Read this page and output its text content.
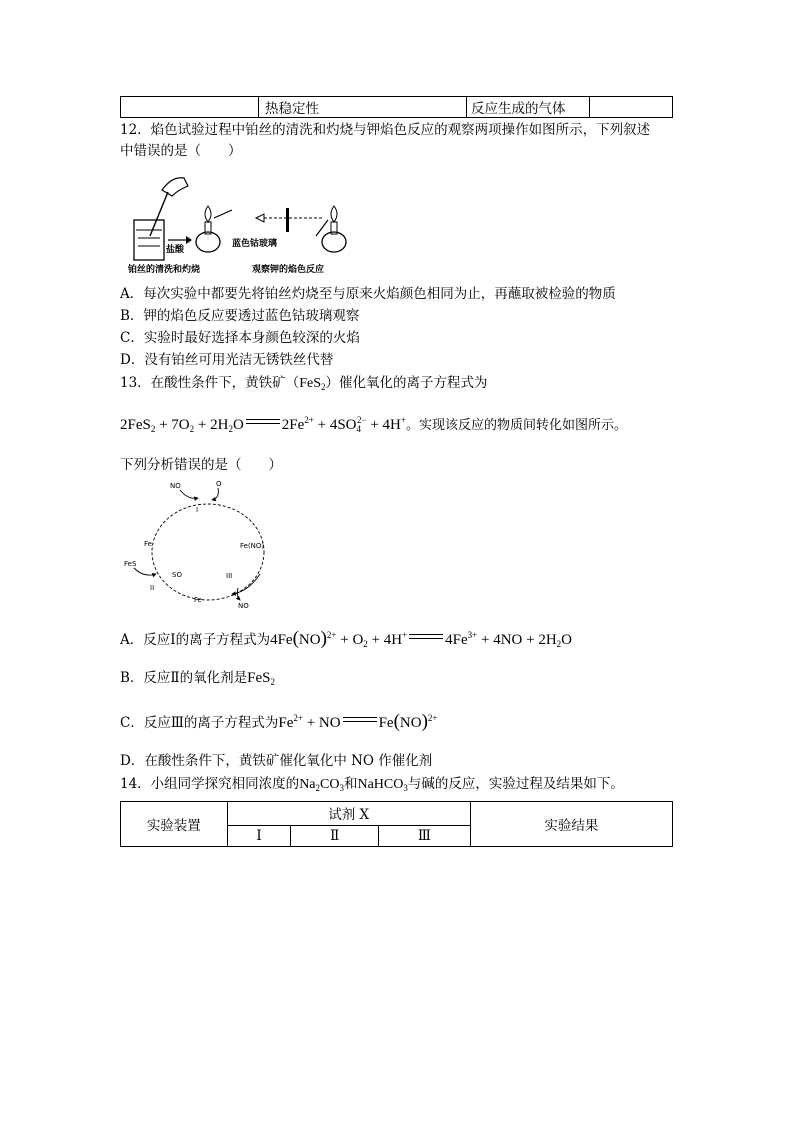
	热稳定性	反应生成的气体	
12．焰色试验过程中铂丝的清洗和灼烧与钾焰色反应的观察两项操作如图所示，下列叙述
中错误的是（　　）
盐酸
蓝色钴玻璃
铂丝的清洗和灼烧	观察钾的焰色反应
A．每次实验中都要先将铂丝灼烧至与原来火焰颜色相同为止，再蘸取被检验的物质
B．钾的焰色反应要透过蓝色钴玻璃观察
C．实验时最好选择本身颜色较深的火焰
D．没有铂丝可用光洁无锈铁丝代替
13．在酸性条件下，黄铁矿（FeS$_2$）催化氧化的离子方程式为
$2FeS_2 + 7O_2 + 2H_2O$	$2Fe^{2+} + 4SO_4^{2-} + 4H^+$。实现该反应的物质间转化如图所示。
下列分析错误的是（　　）
NO	O
I
Fe	Fe(NO)
FeS
SO
II
III
Fe
NO
A．反应Ⅰ的离子方程式为$4Fe(NO)^{2+} + O_2 + 4H^+$	$4Fe^{3+} + 4NO + 2H_2O$
B．反应Ⅱ的氧化剂是FeS$_2$
C．反应Ⅲ的离子方程式为$Fe^{2+}$ + NO	Fe(NO)$^{2+}$
D．在酸性条件下，黄铁矿催化氧化中 NO 作催化剂
14．小组同学探究相同浓度的$Na_2CO_3$和NaHCO$_3$与碱的反应，实验过程及结果如下。
实验装置	试剂 X			实验结果
	Ⅰ	Ⅱ	Ⅲ	
